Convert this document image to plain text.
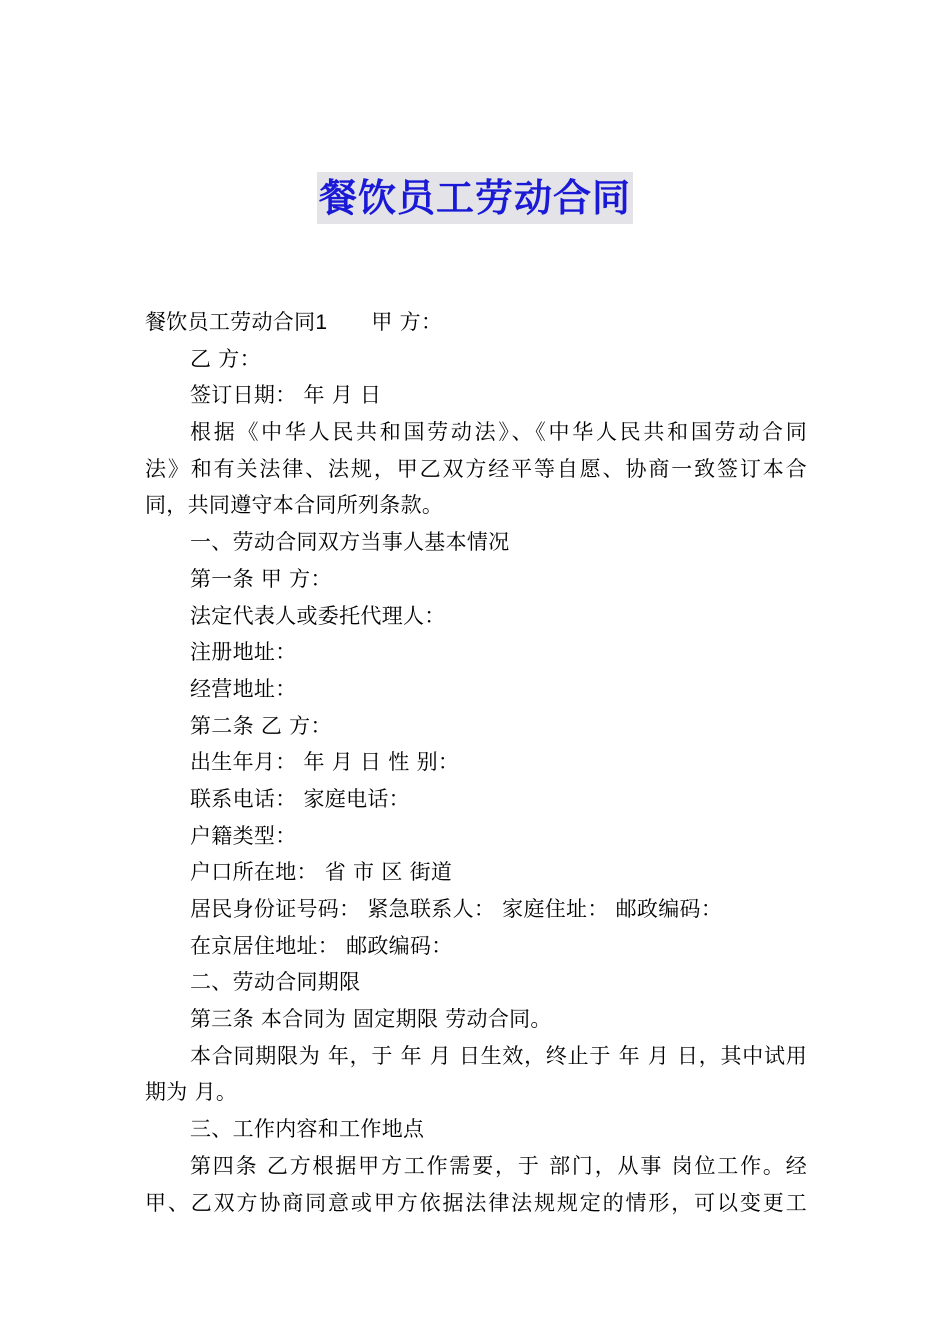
餐饮员工劳动合同
餐饮员工劳动合同1 甲 方：
乙 方：
签订日期： 年 月 日
根据《中华人民共和国劳动法》、《中华人民共和国劳动合同
法》和有关法律、法规，甲乙双方经平等自愿、协商一致签订本合
同，共同遵守本合同所列条款。
一、劳动合同双方当事人基本情况
第一条 甲 方：
法定代表人或委托代理人：
注册地址：
经营地址：
第二条 乙 方：
出生年月： 年 月 日 性 别：
联系电话： 家庭电话：
户籍类型：
户口所在地： 省 市 区 街道
居民身份证号码： 紧急联系人： 家庭住址： 邮政编码：
在京居住地址： 邮政编码：
二、劳动合同期限
第三条 本合同为 固定期限 劳动合同。
本合同期限为 年，于 年 月 日生效，终止于 年 月 日，其中试用
期为 月。
三、工作内容和工作地点
第四条 乙方根据甲方工作需要，于 部门，从事 岗位工作。经
甲、乙双方协商同意或甲方依据法律法规规定的情形，可以变更工
